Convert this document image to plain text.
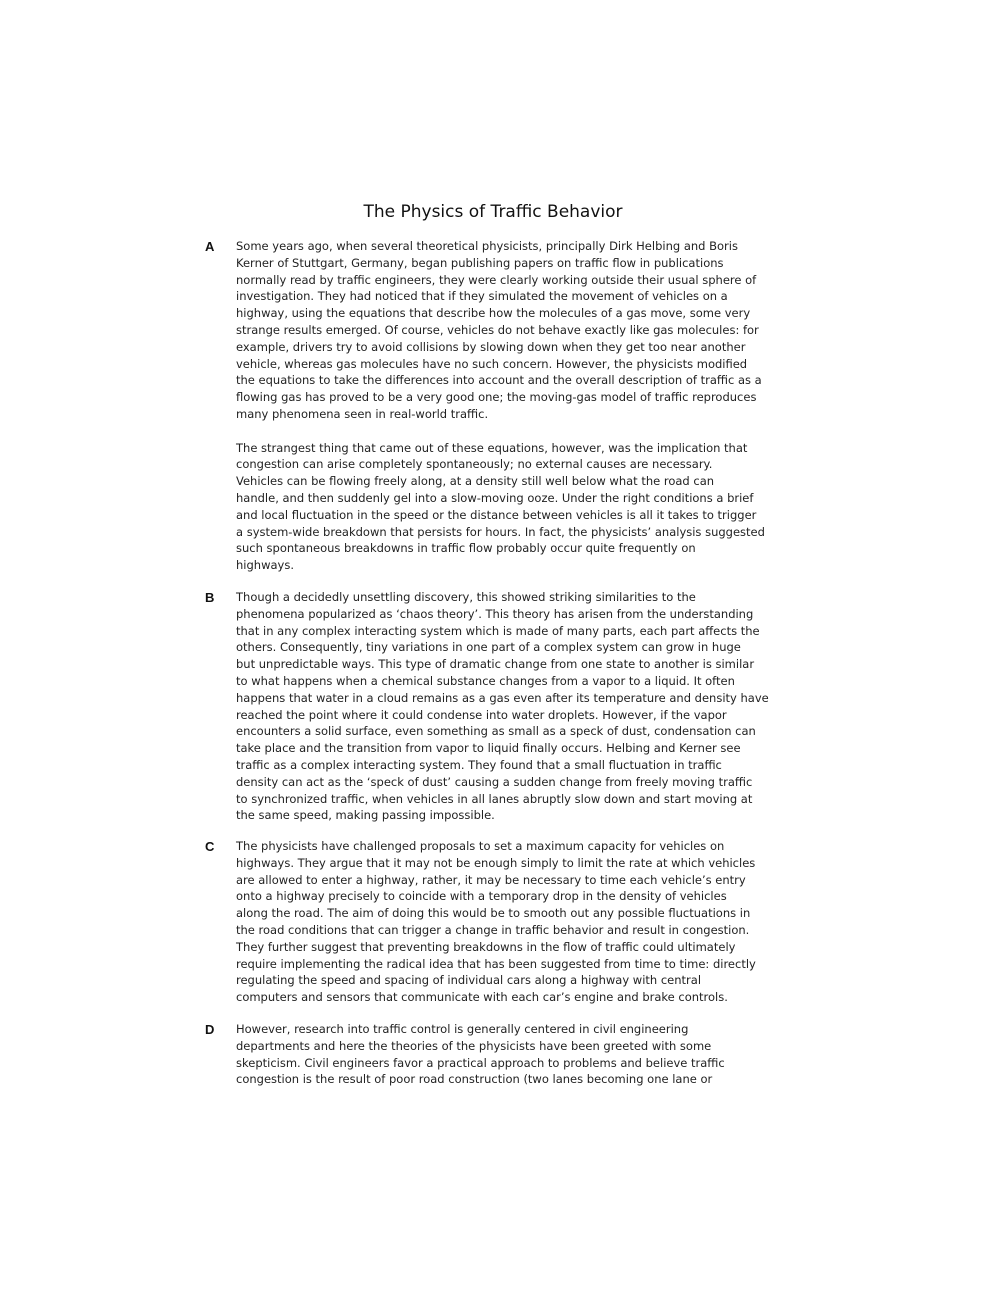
The Physics of Traffic Behavior
A Some years ago, when several theoretical physicists, principally Dirk Helbing and Boris
Kerner of Stuttgart, Germany, began publishing papers on traffic flow in publications
normally read by traffic engineers, they were clearly working outside their usual sphere of
investigation. They had noticed that if they simulated the movement of vehicles on a
highway, using the equations that describe how the molecules of a gas move, some very
strange results emerged. Of course, vehicles do not behave exactly like gas molecules: for
example, drivers try to avoid collisions by slowing down when they get too near another
vehicle, whereas gas molecules have no such concern. However, the physicists modified
the equations to take the differences into account and the overall description of traffic as a
flowing gas has proved to be a very good one; the moving-gas model of traffic reproduces
many phenomena seen in real-world traffic.

The strangest thing that came out of these equations, however, was the implication that
congestion can arise completely spontaneously; no external causes are necessary.
Vehicles can be flowing freely along, at a density still well below what the road can
handle, and then suddenly gel into a slow-moving ooze. Under the right conditions a brief
and local fluctuation in the speed or the distance between vehicles is all it takes to trigger
a system-wide breakdown that persists for hours. In fact, the physicists’ analysis suggested
such spontaneous breakdowns in traffic flow probably occur quite frequently on
highways.

B Though a decidedly unsettling discovery, this showed striking similarities to the
phenomena popularized as ‘chaos theory’. This theory has arisen from the understanding
that in any complex interacting system which is made of many parts, each part affects the
others. Consequently, tiny variations in one part of a complex system can grow in huge
but unpredictable ways. This type of dramatic change from one state to another is similar
to what happens when a chemical substance changes from a vapor to a liquid. It often
happens that water in a cloud remains as a gas even after its temperature and density have
reached the point where it could condense into water droplets. However, if the vapor
encounters a solid surface, even something as small as a speck of dust, condensation can
take place and the transition from vapor to liquid finally occurs. Helbing and Kerner see
traffic as a complex interacting system. They found that a small fluctuation in traffic
density can act as the ‘speck of dust’ causing a sudden change from freely moving traffic
to synchronized traffic, when vehicles in all lanes abruptly slow down and start moving at
the same speed, making passing impossible.

C The physicists have challenged proposals to set a maximum capacity for vehicles on
highways. They argue that it may not be enough simply to limit the rate at which vehicles
are allowed to enter a highway, rather, it may be necessary to time each vehicle’s entry
onto a highway precisely to coincide with a temporary drop in the density of vehicles
along the road. The aim of doing this would be to smooth out any possible fluctuations in
the road conditions that can trigger a change in traffic behavior and result in congestion.
They further suggest that preventing breakdowns in the flow of traffic could ultimately
require implementing the radical idea that has been suggested from time to time: directly
regulating the speed and spacing of individual cars along a highway with central
computers and sensors that communicate with each car’s engine and brake controls.

D However, research into traffic control is generally centered in civil engineering
departments and here the theories of the physicists have been greeted with some
skepticism. Civil engineers favor a practical approach to problems and believe traffic
congestion is the result of poor road construction (two lanes becoming one lane or
